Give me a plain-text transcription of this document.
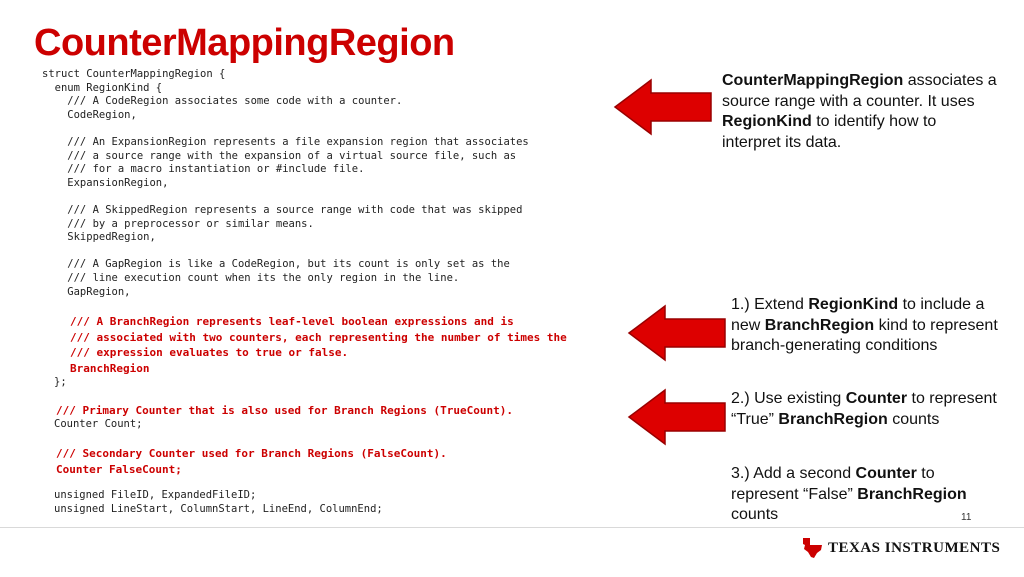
CounterMappingRegion
struct CounterMappingRegion {
enum RegionKind {
/// A CodeRegion associates some code with a counter.
CodeRegion,

/// An ExpansionRegion represents a file expansion region that associates
/// a source range with the expansion of a virtual source file, such as
/// for a macro instantiation or #include file.
ExpansionRegion,

/// A SkippedRegion represents a source range with code that was skipped
/// by a preprocessor or similar means.
SkippedRegion,

/// A GapRegion is like a CodeRegion, but its count is only set as the
/// line execution count when its the only region in the line.
GapRegion,
/// A BranchRegion represents leaf-level boolean expressions and is
/// associated with two counters, each representing the number of times the
/// expression evaluates to true or false.
BranchRegion
};
/// Primary Counter that is also used for Branch Regions (TrueCount).
Counter Count;
/// Secondary Counter used for Branch Regions (FalseCount).
Counter FalseCount;
unsigned FileID, ExpandedFileID;
unsigned LineStart, ColumnStart, LineEnd, ColumnEnd;

CounterMappingRegion associates a source range with a counter. It uses RegionKind to identify how to interpret its data.

1.) Extend RegionKind to include a new BranchRegion kind to represent branch-generating conditions

2.) Use existing Counter to represent “True” BranchRegion counts

3.) Add a second Counter to represent “False” BranchRegion counts	11
TEXAS INSTRUMENTS
